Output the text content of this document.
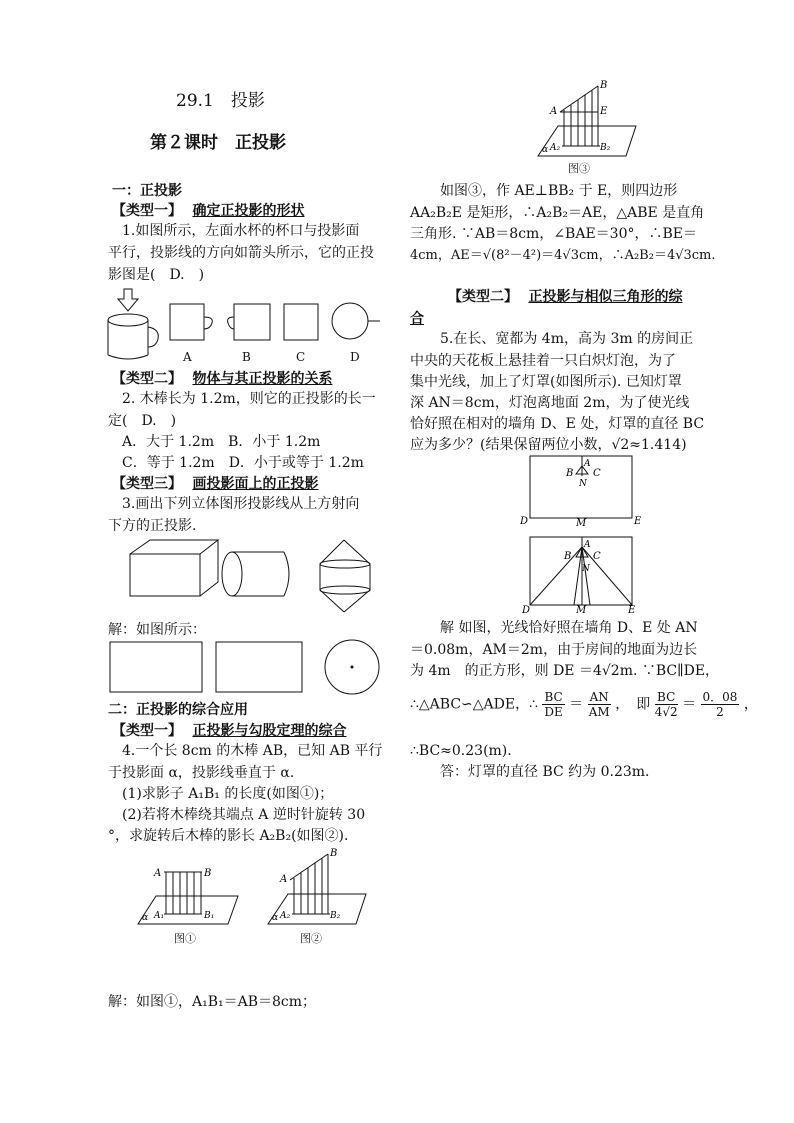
29.1　投影
第２课时　正投影
一：正投影
【类型一】 确定正投影的形状
1.如图所示，左面水杯的杯口与投影面
平行，投影线的方向如箭头所示，它的正投
影图是(　D.　)
A	B	C	D
【类型二】 物体与其正投影的关系
2. 木棒长为 1.2m，则它的正投影的长一
定(　D.　)
A．大于 1.2m　B．小于 1.2m
C．等于 1.2m　D．小于或等于 1.2m
【类型三】 画投影面上的正投影
3.画出下列立体图形投影线从上方射向
下方的正投影.
解：如图所示：
二：正投影的综合应用
【类型一】 正投影与勾股定理的综合
4.一个长 8cm 的木棒 AB，已知 AB 平行
于投影面 α，投影线垂直于 α.
(1)求影子 A₁B₁ 的长度(如图①)；
(2)若将木棒绕其端点 A 逆时针旋转 30
°，求旋转后木棒的影长 A₂B₂(如图②).
A	B
α A₁	B₁
图①
A
B
α A₂	B₂
图②
解：如图①，A₁B₁＝AB＝8cm；
A
B
E
α A₂	B₂
图③
如图③，作 AE⊥BB₂ 于 E，则四边形
AA₂B₂E 是矩形，∴A₂B₂＝AE，△ABE 是直角
三角形. ∵AB＝8cm，∠BAE＝30°，∴BE＝
4cm，AE＝√(8²－4²)＝4√3cm，∴A₂B₂＝4√3cm.
【类型二】 正投影与相似三角形的综
合
5.在长、宽都为 4m，高为 3m 的房间正
中央的天花板上悬挂着一只白炽灯泡，为了
集中光线，加上了灯罩(如图所示). 已知灯罩
深 AN＝8cm，灯泡离地面 2m，为了使光线
恰好照在相对的墙角 D、E 处，灯罩的直径 BC
应为多少？(结果保留两位小数，√2≈1.414)
B
A
C
N
D	M	E
B
A
C
N
D	M	E
解 如图，光线恰好照在墙角 D、E 处 AN
＝0.08m，AM＝2m，由于房间的地面为边长
为 4m　的正方形，则 DE ＝4√2m. ∵BC∥DE，
∴△ABC∽△ADE，∴ $\frac{BC}{DE} = \frac{AN}{AM}$ ，　即 $\frac{BC}{4√2} = \frac{0.08}{2}$ ，
∴BC≈0.23(m).
答：灯罩的直径 BC 约为 0.23m.
